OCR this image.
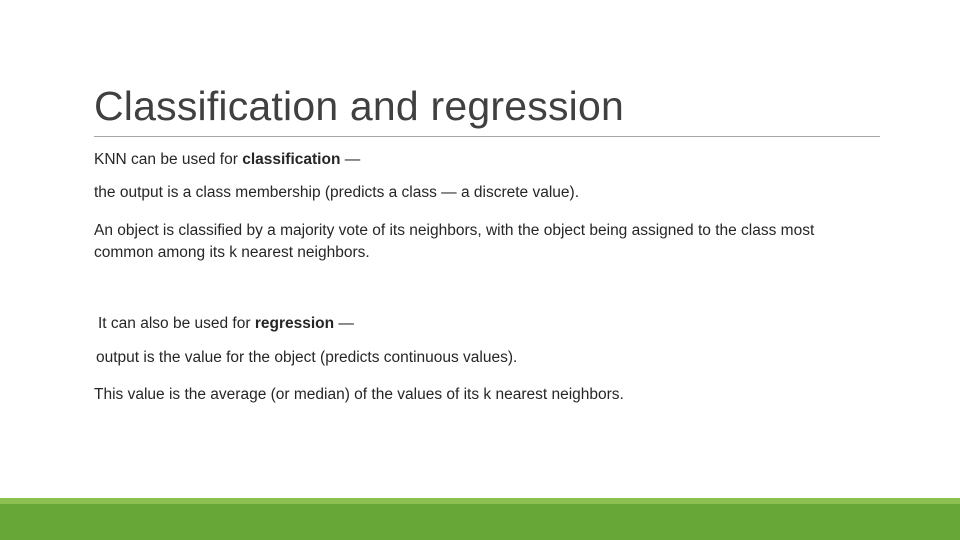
Classification and regression

KNN can be used for classification —

the output is a class membership (predicts a class — a discrete value).

An object is classified by a majority vote of its neighbors, with the object being assigned to the class most common among its k nearest neighbors.

It can also be used for regression —

output is the value for the object (predicts continuous values).

This value is the average (or median) of the values of its k nearest neighbors.
